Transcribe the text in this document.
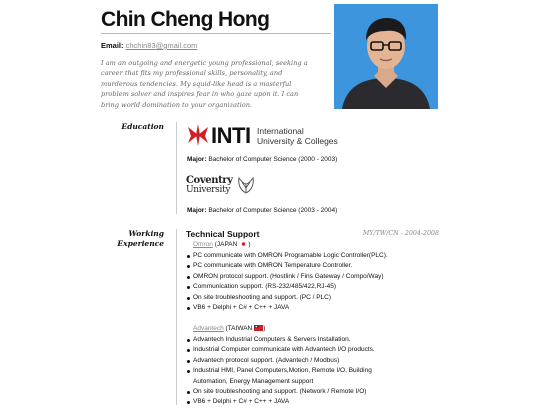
Chin Cheng Hong
Email: chchin83@gmail.com

I am an outgoing and energetic young professional, seeking a career that fits my professional skills, personality, and murderous tendencies. My squid-like head is a masterful problem solver and inspires fear in who gaze upon it. I can bring world domination to your organization.

Education INTI International
University & Colleges
Major: Bachelor of Computer Science (2000 - 2003)
Coventry
University
Major: Bachelor of Computer Science (2003 - 2004)
Working
Experience
Technical Support	MY/TW/CN - 2004-2008
Omron (JAPAN )
PC communicate with OMRON Programable Logic Controller(PLC).
PC communicate with OMRON Temperature Controller.
OMRON protocol support. (Hostlink / Fins Gateway / Compo/Way)
Communication support. (RS-232/485/422,RJ-45)
On site troubleshooting and support. (PC / PLC)
VB6 + Delphi + C# + C++ + JAVA
Advantech (TAIWAN )
Advantech Industrial Computers & Servers Installation.
Industrial Computer communicate with Advantech I/O products.
Advantech protocol support. (Advantech / Modbus)
Industrial HMI, Panel Computers,Motion, Remote I/O, Building Automation, Energy Management support
On site troubleshooting and support. (Network / Remote I/O)
VB6 + Delphi + C# + C++ + JAVA
